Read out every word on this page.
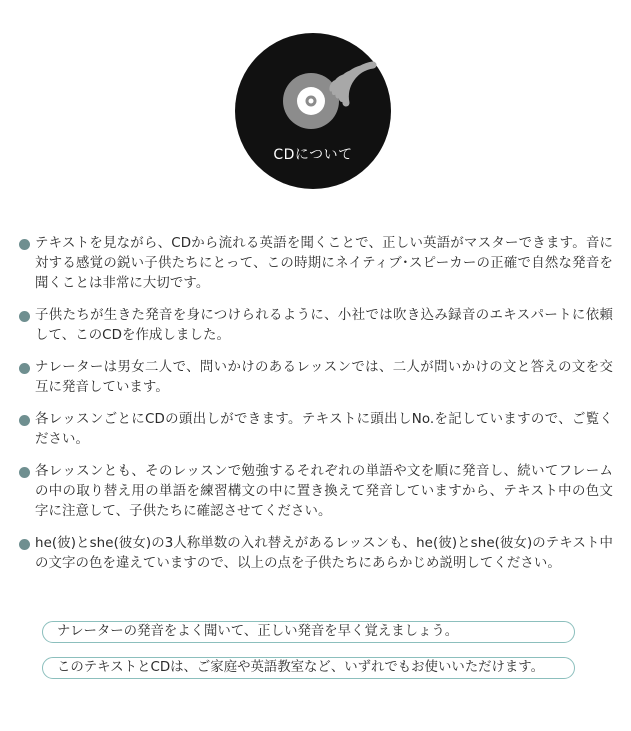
CDについて
テキストを見ながら、CDから流れる英語を聞くことで、正しい英語がマスターできます。音に対する感覚の鋭い子供たちにとって、この時期にネイティブ･スピーカーの正確で自然な発音を聞くことは非常に大切です。
子供たちが生きた発音を身につけられるように、小社では吹き込み録音のエキスパートに依頼して、このCDを作成しました。
ナレーターは男女二人で、問いかけのあるレッスンでは、二人が問いかけの文と答えの文を交互に発音しています。
各レッスンごとにCDの頭出しができます。テキストに頭出しNo.を記していますので、ご覧ください。
各レッスンとも、そのレッスンで勉強するそれぞれの単語や文を順に発音し、続いてフレームの中の取り替え用の単語を練習構文の中に置き換えて発音していますから、テキスト中の色文字に注意して、子供たちに確認させてください。
he(彼)とshe(彼女)の3人称単数の入れ替えがあるレッスンも、he(彼)とshe(彼女)のテキスト中の文字の色を違えていますので、以上の点を子供たちにあらかじめ説明してください。
ナレーターの発音をよく聞いて、正しい発音を早く覚えましょう。
このテキストとCDは、ご家庭や英語教室など、いずれでもお使いいただけます。
